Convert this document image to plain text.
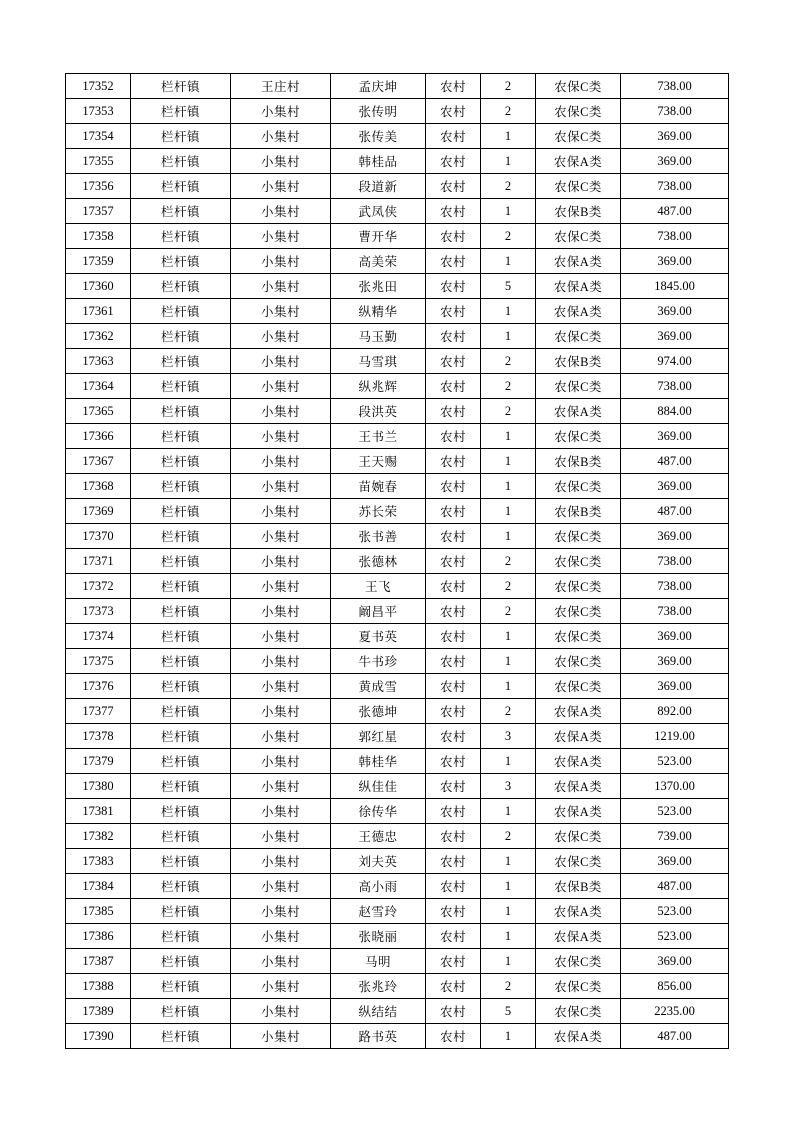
17352	栏杆镇	王庄村	孟庆坤	农村	2	农保C类	738.00
17353	栏杆镇	小集村	张传明	农村	2	农保C类	738.00
17354	栏杆镇	小集村	张传美	农村	1	农保C类	369.00
17355	栏杆镇	小集村	韩桂品	农村	1	农保A类	369.00
17356	栏杆镇	小集村	段道新	农村	2	农保C类	738.00
17357	栏杆镇	小集村	武凤侠	农村	1	农保B类	487.00
17358	栏杆镇	小集村	曹开华	农村	2	农保C类	738.00
17359	栏杆镇	小集村	高美荣	农村	1	农保A类	369.00
17360	栏杆镇	小集村	张兆田	农村	5	农保A类	1845.00
17361	栏杆镇	小集村	纵精华	农村	1	农保A类	369.00
17362	栏杆镇	小集村	马玉勤	农村	1	农保C类	369.00
17363	栏杆镇	小集村	马雪琪	农村	2	农保B类	974.00
17364	栏杆镇	小集村	纵兆辉	农村	2	农保C类	738.00
17365	栏杆镇	小集村	段洪英	农村	2	农保A类	884.00
17366	栏杆镇	小集村	王书兰	农村	1	农保C类	369.00
17367	栏杆镇	小集村	王天赐	农村	1	农保B类	487.00
17368	栏杆镇	小集村	苗婉春	农村	1	农保C类	369.00
17369	栏杆镇	小集村	苏长荣	农村	1	农保B类	487.00
17370	栏杆镇	小集村	张书善	农村	1	农保C类	369.00
17371	栏杆镇	小集村	张德林	农村	2	农保C类	738.00
17372	栏杆镇	小集村	王飞	农村	2	农保C类	738.00
17373	栏杆镇	小集村	阚昌平	农村	2	农保C类	738.00
17374	栏杆镇	小集村	夏书英	农村	1	农保C类	369.00
17375	栏杆镇	小集村	牛书珍	农村	1	农保C类	369.00
17376	栏杆镇	小集村	黄成雪	农村	1	农保C类	369.00
17377	栏杆镇	小集村	张德坤	农村	2	农保A类	892.00
17378	栏杆镇	小集村	郭红星	农村	3	农保A类	1219.00
17379	栏杆镇	小集村	韩桂华	农村	1	农保A类	523.00
17380	栏杆镇	小集村	纵佳佳	农村	3	农保A类	1370.00
17381	栏杆镇	小集村	徐传华	农村	1	农保A类	523.00
17382	栏杆镇	小集村	王德忠	农村	2	农保C类	739.00
17383	栏杆镇	小集村	刘夫英	农村	1	农保C类	369.00
17384	栏杆镇	小集村	高小雨	农村	1	农保B类	487.00
17385	栏杆镇	小集村	赵雪玲	农村	1	农保A类	523.00
17386	栏杆镇	小集村	张晓丽	农村	1	农保A类	523.00
17387	栏杆镇	小集村	马明	农村	1	农保C类	369.00
17388	栏杆镇	小集村	张兆玲	农村	2	农保C类	856.00
17389	栏杆镇	小集村	纵结结	农村	5	农保C类	2235.00
17390	栏杆镇	小集村	路书英	农村	1	农保A类	487.00
